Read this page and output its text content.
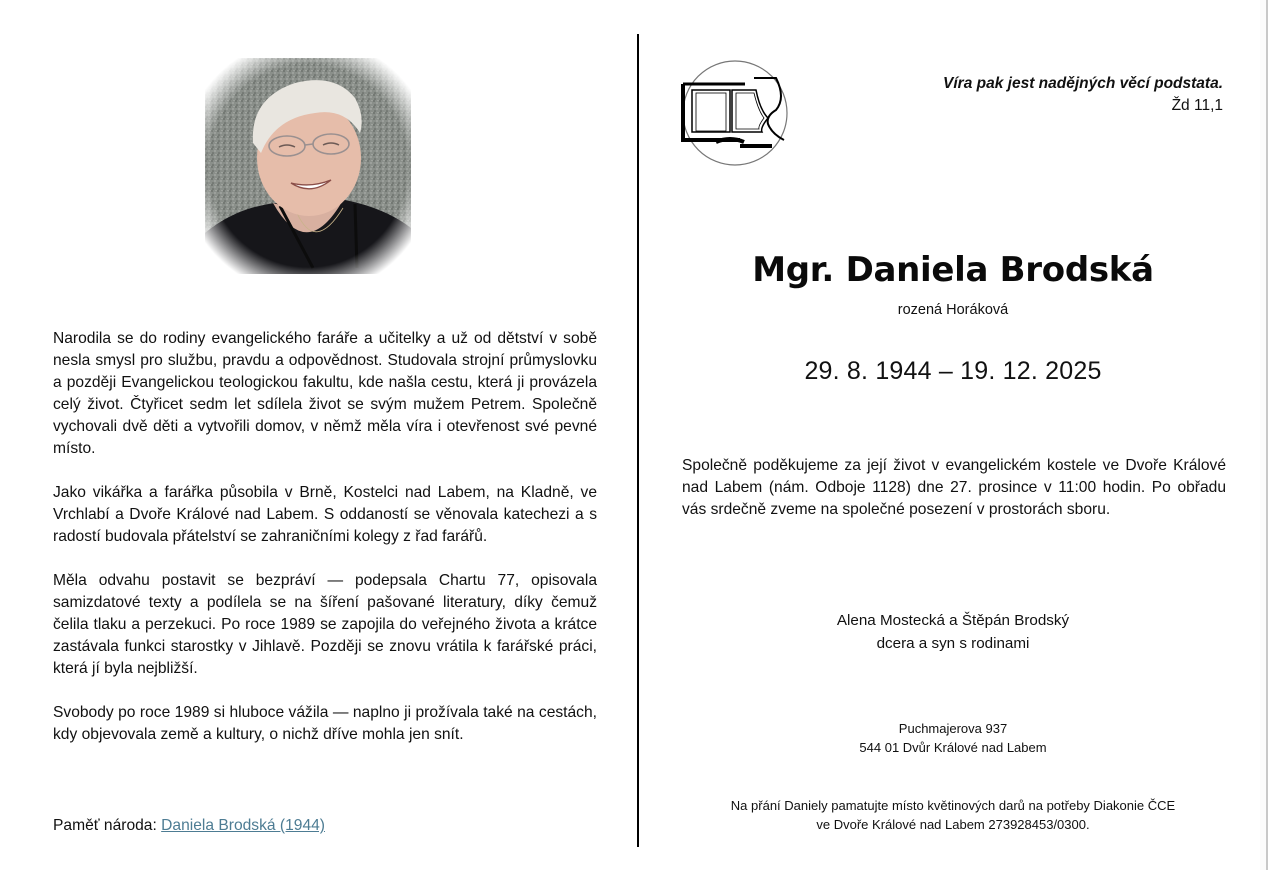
Narodila se do rodiny evangelického faráře a učitelky a už od dětství v sobě nesla smysl pro službu, pravdu a odpovědnost. Studovala strojní průmyslovku a později Evangelickou teologickou fakultu, kde našla cestu, která ji provázela celý život. Čtyřicet sedm let sdílela život se svým mužem Petrem. Společně vychovali dvě děti a vytvořili domov, v němž měla víra i otevřenost své pevné místo.

Jako vikářka a farářka působila v Brně, Kostelci nad Labem, na Kladně, ve Vrchlabí a Dvoře Králové nad Labem. S oddaností se věnovala katechezi a s radostí budovala přátelství se zahraničními kolegy z řad farářů.

Měla odvahu postavit se bezpráví — podepsala Chartu 77, opisovala samizdatové texty a podílela se na šíření pašované literatury, díky čemuž čelila tlaku a perzekuci. Po roce 1989 se zapojila do veřejného života a krátce zastávala funkci starostky v Jihlavě. Později se znovu vrátila k farářské práci, která jí byla nejbližší.

Svobody po roce 1989 si hluboce vážila — naplno ji prožívala také na cestách, kdy objevovala země a kultury, o nichž dříve mohla jen snít.

Paměť národa: Daniela Brodská (1944)
Víra pak jest nadějných věcí podstata.
Žd 11,1
Mgr. Daniela Brodská
rozená Horáková
29. 8. 1944 – 19. 12. 2025
Společně poděkujeme za její život v evangelickém kostele ve Dvoře Králové nad Labem (nám. Odboje 1128) dne 27. prosince v 11:00 hodin. Po obřadu vás srdečně zveme na společné posezení v prostorách sboru.
Alena Mostecká a Štěpán Brodský
dcera a syn s rodinami
Puchmajerova 937
544 01 Dvůr Králové nad Labem
Na přání Daniely pamatujte místo květinových darů na potřeby Diakonie ČCE
ve Dvoře Králové nad Labem 273928453/0300.
